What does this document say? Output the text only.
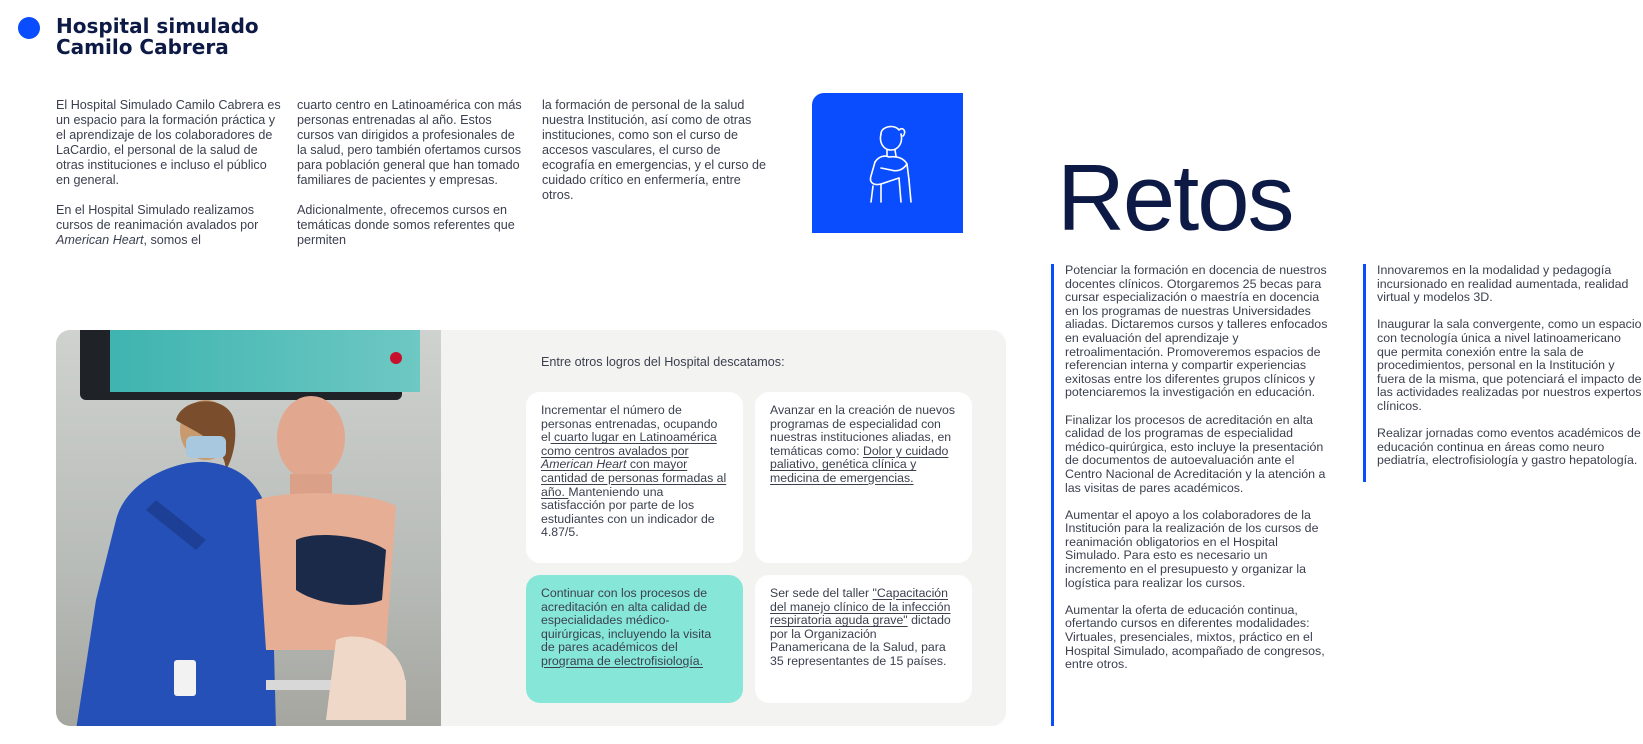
Hospital simulado
Camilo Cabrera

El Hospital Simulado Camilo Cabrera es un espacio para la formación práctica y el aprendizaje de los colaboradores de LaCardio, el personal de la salud de otras instituciones e incluso el público en general.

En el Hospital Simulado realizamos cursos de reanimación avalados por American Heart, somos el

cuarto centro en Latinoamérica con más personas entrenadas al año. Estos cursos van dirigidos a profesionales de la salud, pero también ofertamos cursos para población general que han tomado familiares de pacientes y empresas.

Adicionalmente, ofrecemos cursos en temáticas donde somos referentes que permiten

la formación de personal de la salud nuestra Institución, así como de otras instituciones, como son el curso de accesos vasculares, el curso de ecografía en emergencias, y el curso de cuidado crítico en enfermería, entre otros.	Retos

Potenciar la formación en docencia de nuestros docentes clínicos. Otorgaremos 25 becas para cursar especialización o maestría en docencia en los programas de nuestras Universidades aliadas. Dictaremos cursos y talleres enfocados en evaluación del aprendizaje y retroalimentación. Promoveremos espacios de referencian interna y compartir experiencias exitosas entre los diferentes grupos clínicos y potenciaremos la investigación en educación.

Finalizar los procesos de acreditación en alta calidad de los programas de especialidad médico-quirúrgica, esto incluye la presentación de documentos de autoevaluación ante el Centro Nacional de Acreditación y la atención a las visitas de pares académicos.

Aumentar el apoyo a los colaboradores de la Institución para la realización de los cursos de reanimación obligatorios en el Hospital Simulado. Para esto es necesario un incremento en el presupuesto y organizar la logística para realizar los cursos.

Aumentar la oferta de educación continua, ofertando cursos en diferentes modalidades: Virtuales, presenciales, mixtos, práctico en el Hospital Simulado, acompañado de congresos, entre otros.

Innovaremos en la modalidad y pedagogía incursionado en realidad aumentada, realidad virtual y modelos 3D.

Inaugurar la sala convergente, como un espacio con tecnología única a nivel latinoamericano que permita conexión entre la sala de procedimientos, personal en la Institución y fuera de la misma, que potenciará el impacto de las actividades realizadas por nuestros expertos clínicos.

Realizar jornadas como eventos académicos de educación continua en áreas como neuro pediatría, electrofisiología y gastro hepatología.

Entre otros logros del Hospital descatamos:
Incrementar el número de personas entrenadas, ocupando el cuarto lugar en Latinoamérica como centros avalados por American Heart con mayor cantidad de personas formadas al año. Manteniendo una satisfacción por parte de los estudiantes con un indicador de 4.87/5.
Avanzar en la creación de nuevos programas de especialidad con nuestras instituciones aliadas, en temáticas como: Dolor y cuidado paliativo, genética clínica y medicina de emergencias.
Continuar con los procesos de acreditación en alta calidad de especialidades médico-quirúrgicas, incluyendo la visita de pares académicos del programa de electrofisiología.
Ser sede del taller "Capacitación del manejo clínico de la infección respiratoria aguda grave" dictado por la Organización Panamericana de la Salud, para 35 representantes de 15 países.
